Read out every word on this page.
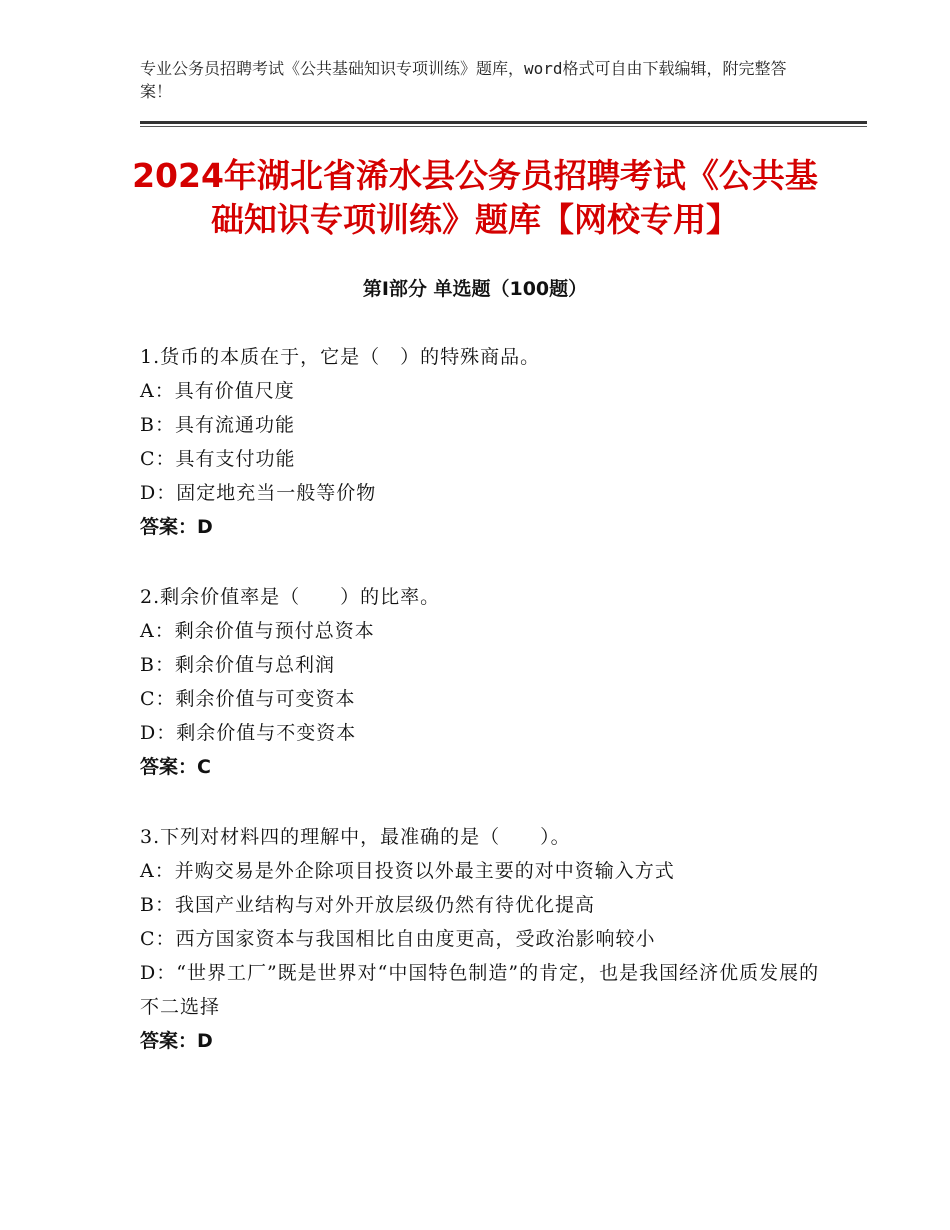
专业公务员招聘考试《公共基础知识专项训练》题库，word格式可自由下载编辑，附完整答案！
2024年湖北省浠水县公务员招聘考试《公共基础知识专项训练》题库【网校专用】
第Ⅰ部分 单选题（100题）
1.货币的本质在于，它是（　）的特殊商品。
A：具有价值尺度
B：具有流通功能
C：具有支付功能
D：固定地充当一般等价物
答案：D
2.剩余价值率是（　　）的比率。
A：剩余价值与预付总资本
B：剩余价值与总利润
C：剩余价值与可变资本
D：剩余价值与不变资本
答案：C
3.下列对材料四的理解中，最准确的是（　　）。
A：并购交易是外企除项目投资以外最主要的对中资输入方式
B：我国产业结构与对外开放层级仍然有待优化提高
C：西方国家资本与我国相比自由度更高，受政治影响较小
D：“世界工厂”既是世界对“中国特色制造”的肯定，也是我国经济优质发展的不二选择
答案：D
